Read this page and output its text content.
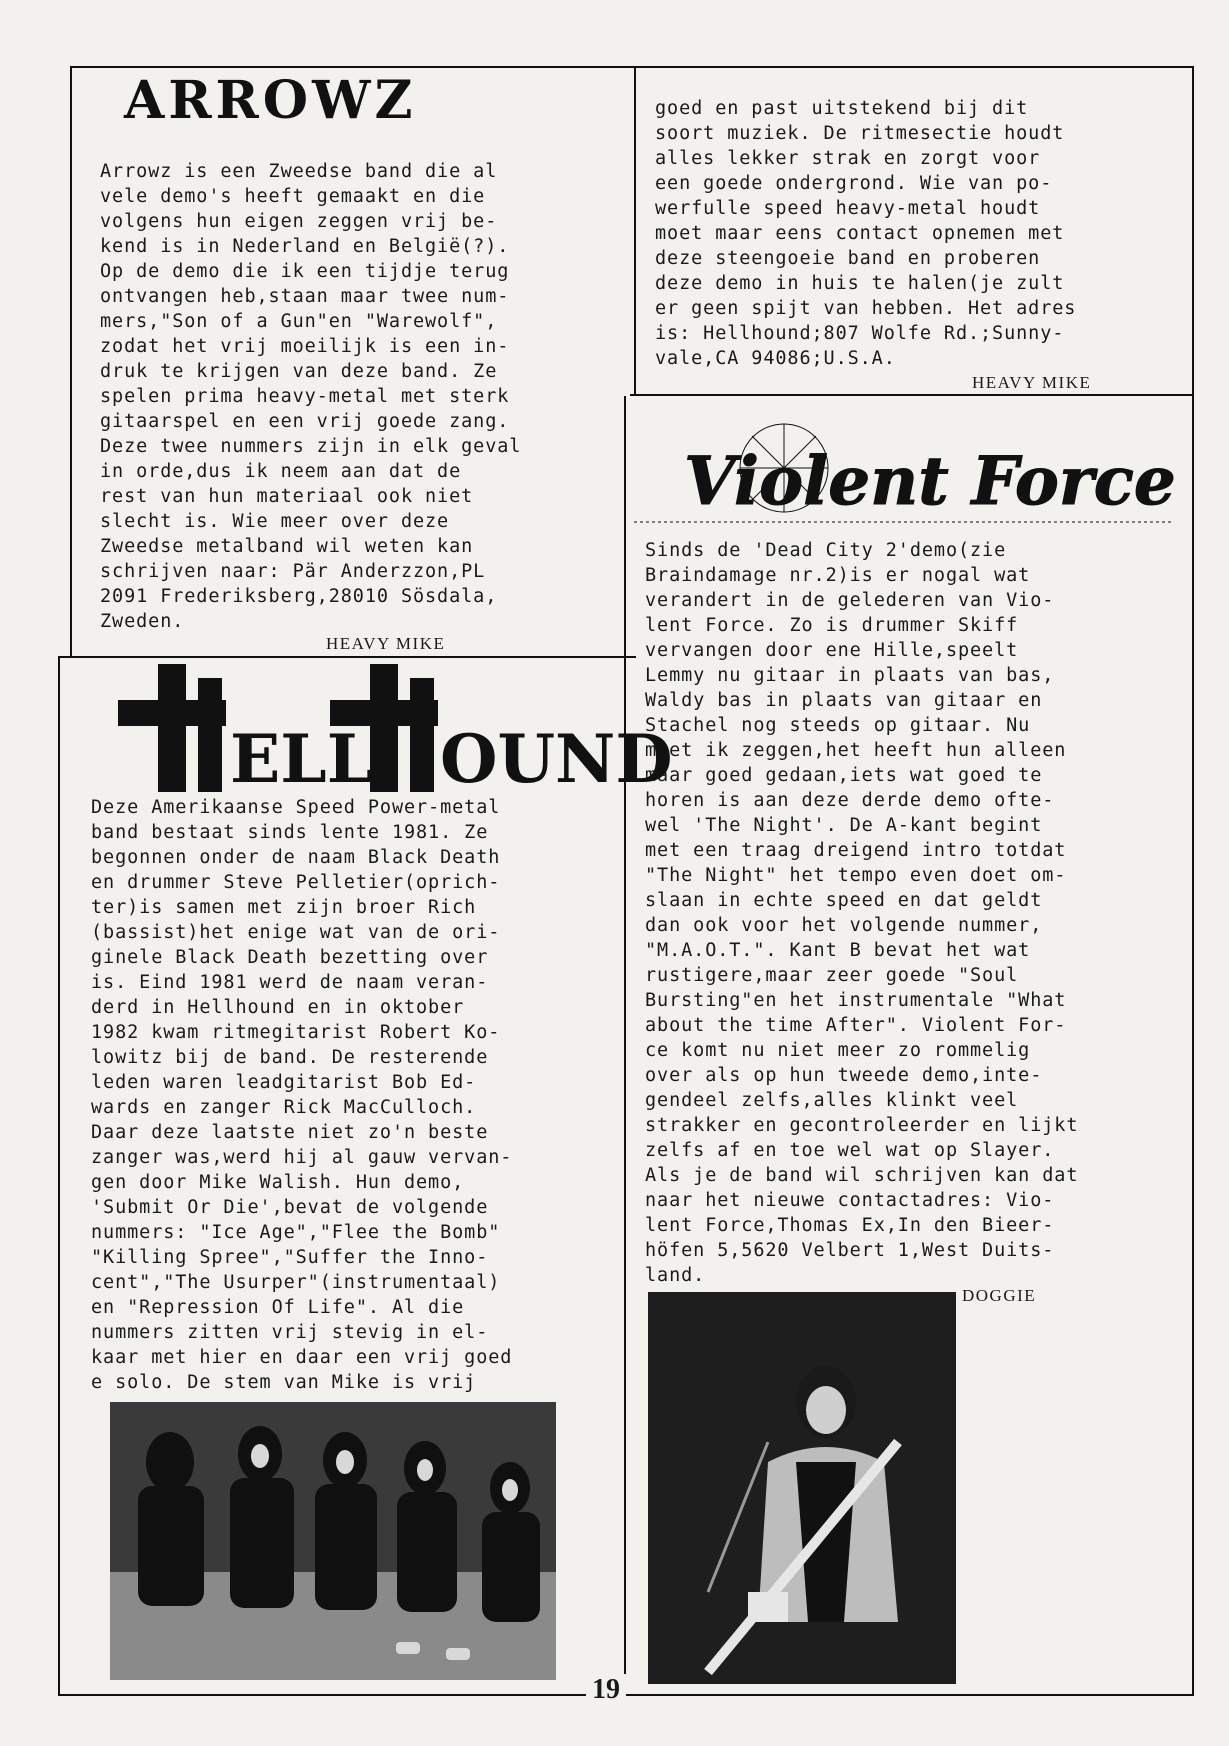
ARROWZ
Arrowz is een Zweedse band die al
vele demo's heeft gemaakt en die
volgens hun eigen zeggen vrij be-
kend is in Nederland en België(?).
Op de demo die ik een tijdje terug
ontvangen heb,staan maar twee num-
mers,"Son of a Gun"en "Warewolf",
zodat het vrij moeilijk is een in-
druk te krijgen van deze band. Ze
spelen prima heavy-metal met sterk
gitaarspel en een vrij goede zang.
Deze twee nummers zijn in elk geval
in orde,dus ik neem aan dat de
rest van hun materiaal ook niet
slecht is. Wie meer over deze
Zweedse metalband wil weten kan
schrijven naar: Pär Anderzzon,PL
2091 Frederiksberg,28010 Sösdala,
Zweden.
HEAVY MIKE
goed en past uitstekend bij dit
soort muziek. De ritmesectie houdt
alles lekker strak en zorgt voor
een goede ondergrond. Wie van po-
werfulle speed heavy-metal houdt
moet maar eens contact opnemen met
deze steengoeie band en proberen
deze demo in huis te halen(je zult
er geen spijt van hebben. Het adres
is: Hellhound;807 Wolfe Rd.;Sunny-
vale,CA 94086;U.S.A.
HEAVY MIKE
Violent Force
Sinds de 'Dead City 2'demo(zie
Braindamage nr.2)is er nogal wat
verandert in de gelederen van Vio-
lent Force. Zo is drummer Skiff
vervangen door ene Hille,speelt
Lemmy nu gitaar in plaats van bas,
Waldy bas in plaats van gitaar en
Stachel nog steeds op gitaar. Nu
moet ik zeggen,het heeft hun alleen
maar goed gedaan,iets wat goed te
horen is aan deze derde demo ofte-
wel 'The Night'. De A-kant begint
met een traag dreigend intro totdat
"The Night" het tempo even doet om-
slaan in echte speed en dat geldt
dan ook voor het volgende nummer,
"M.A.O.T.". Kant B bevat het wat
rustigere,maar zeer goede "Soul
Bursting"en het instrumentale "What
about the time After". Violent For-
ce komt nu niet meer zo rommelig
over als op hun tweede demo,inte-
gendeel zelfs,alles klinkt veel
strakker en gecontroleerder en lijkt
zelfs af en toe wel wat op Slayer.
Als je de band wil schrijven kan dat
naar het nieuwe contactadres: Vio-
lent Force,Thomas Ex,In den Bieer-
höfen 5,5620 Velbert 1,West Duits-
land.
DOGGIE
ELL OUND
Deze Amerikaanse Speed Power-metal
band bestaat sinds lente 1981. Ze
begonnen onder de naam Black Death
en drummer Steve Pelletier(oprich-
ter)is samen met zijn broer Rich
(bassist)het enige wat van de ori-
ginele Black Death bezetting over
is. Eind 1981 werd de naam veran-
derd in Hellhound en in oktober
1982 kwam ritmegitarist Robert Ko-
lowitz bij de band. De resterende
leden waren leadgitarist Bob Ed-
wards en zanger Rick MacCulloch.
Daar deze laatste niet zo'n beste
zanger was,werd hij al gauw vervan-
gen door Mike Walish. Hun demo,
'Submit Or Die',bevat de volgende
nummers: "Ice Age","Flee the Bomb"
"Killing Spree","Suffer the Inno-
cent","The Usurper"(instrumentaal)
en "Repression Of Life". Al die
nummers zitten vrij stevig in el-
kaar met hier en daar een vrij goed
e solo. De stem van Mike is vrij
19
